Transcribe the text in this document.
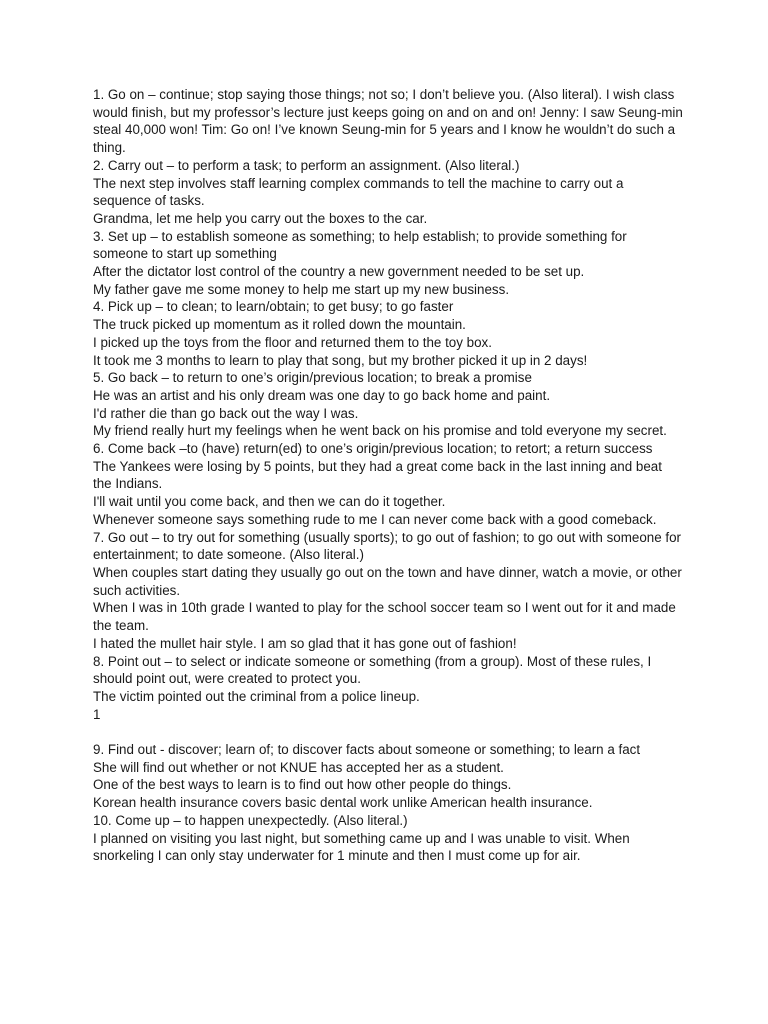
1. Go on – continue; stop saying those things; not so; I don’t believe you. (Also literal). I wish class would finish, but my professor’s lecture just keeps going on and on and on! Jenny: I saw Seung-min steal 40,000 won! Tim: Go on! I’ve known Seung-min for 5 years and I know he wouldn’t do such a thing.
2. Carry out – to perform a task; to perform an assignment. (Also literal.)
The next step involves staff learning complex commands to tell the machine to carry out a sequence of tasks.
Grandma, let me help you carry out the boxes to the car.
3. Set up – to establish someone as something; to help establish; to provide something for someone to start up something
After the dictator lost control of the country a new government needed to be set up.
My father gave me some money to help me start up my new business.
4. Pick up – to clean; to learn/obtain; to get busy; to go faster
The truck picked up momentum as it rolled down the mountain.
I picked up the toys from the floor and returned them to the toy box.
It took me 3 months to learn to play that song, but my brother picked it up in 2 days!
5. Go back – to return to one’s origin/previous location; to break a promise
He was an artist and his only dream was one day to go back home and paint.
I'd rather die than go back out the way I was.
My friend really hurt my feelings when he went back on his promise and told everyone my secret.
6. Come back –to (have) return(ed) to one’s origin/previous location; to retort; a return success
The Yankees were losing by 5 points, but they had a great come back in the last inning and beat the Indians.
I'll wait until you come back, and then we can do it together.
Whenever someone says something rude to me I can never come back with a good comeback.
7. Go out – to try out for something (usually sports); to go out of fashion; to go out with someone for entertainment; to date someone. (Also literal.)
When couples start dating they usually go out on the town and have dinner, watch a movie, or other such activities.
When I was in 10th grade I wanted to play for the school soccer team so I went out for it and made the team.
I hated the mullet hair style. I am so glad that it has gone out of fashion!
8. Point out – to select or indicate someone or something (from a group). Most of these rules, I should point out, were created to protect you.
The victim pointed out the criminal from a police lineup.
1
9. Find out - discover; learn of; to discover facts about someone or something; to learn a fact
She will find out whether or not KNUE has accepted her as a student.
One of the best ways to learn is to find out how other people do things.
Korean health insurance covers basic dental work unlike American health insurance.
10. Come up – to happen unexpectedly. (Also literal.)
I planned on visiting you last night, but something came up and I was unable to visit. When snorkeling I can only stay underwater for 1 minute and then I must come up for air.
